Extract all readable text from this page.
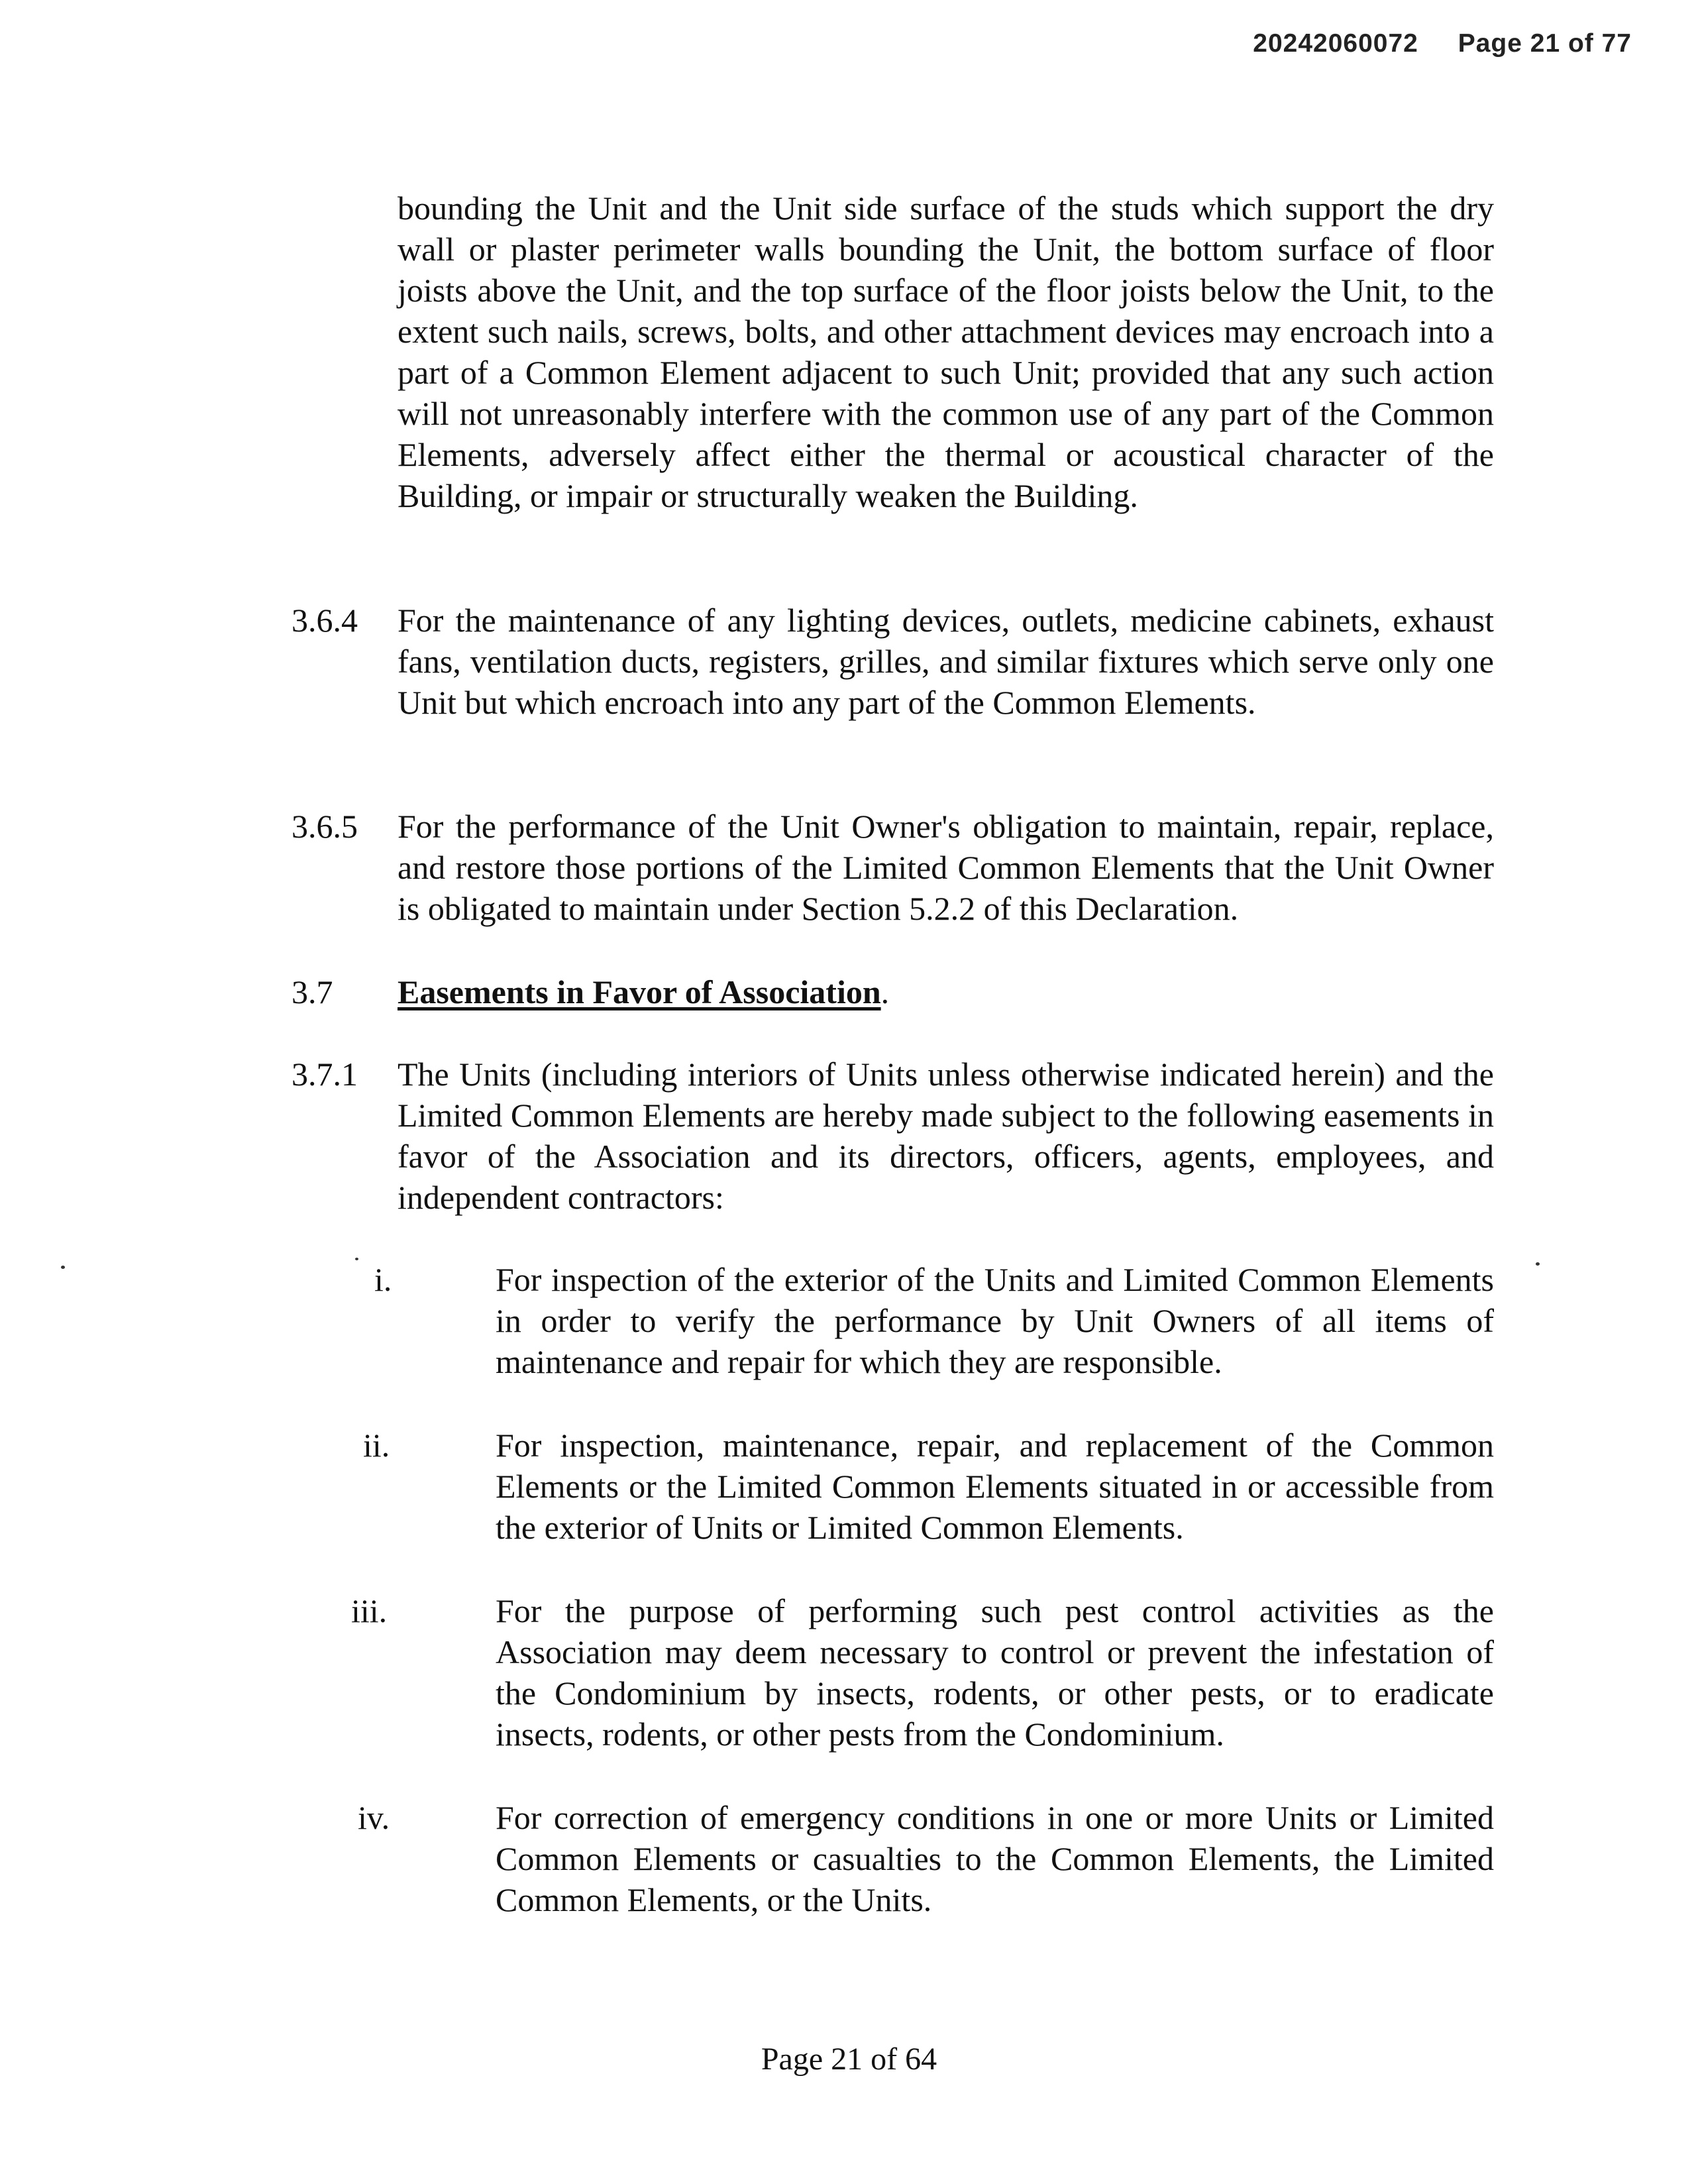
20242060072 Page 21 of 77
bounding the Unit and the Unit side surface of the studs which support the dry wall or plaster perimeter walls bounding the Unit, the bottom surface of floor joists above the Unit, and the top surface of the floor joists below the Unit, to the extent such nails, screws, bolts, and other attachment devices may encroach into a part of a Common Element adjacent to such Unit; provided that any such action will not unreasonably interfere with the common use of any part of the Common Elements, adversely affect either the thermal or acoustical character of the Building, or impair or structurally weaken the Building.
3.6.4 For the maintenance of any lighting devices, outlets, medicine cabinets, exhaust fans, ventilation ducts, registers, grilles, and similar fixtures which serve only one Unit but which encroach into any part of the Common Elements.
3.6.5 For the performance of the Unit Owner's obligation to maintain, repair, replace, and restore those portions of the Limited Common Elements that the Unit Owner is obligated to maintain under Section 5.2.2 of this Declaration.
3.7 Easements in Favor of Association.
3.7.1 The Units (including interiors of Units unless otherwise indicated herein) and the Limited Common Elements are hereby made subject to the following easements in favor of the Association and its directors, officers, agents, employees, and independent contractors:
i.	For inspection of the exterior of the Units and Limited Common Elements in order to verify the performance by Unit Owners of all items of maintenance and repair for which they are responsible.
ii.	For inspection, maintenance, repair, and replacement of the Common Elements or the Limited Common Elements situated in or accessible from the exterior of Units or Limited Common Elements.
iii.	For the purpose of performing such pest control activities as the Association may deem necessary to control or prevent the infestation of the Condominium by insects, rodents, or other pests, or to eradicate insects, rodents, or other pests from the Condominium.
iv.	For correction of emergency conditions in one or more Units or Limited Common Elements or casualties to the Common Elements, the Limited Common Elements, or the Units.
Page 21 of 64
